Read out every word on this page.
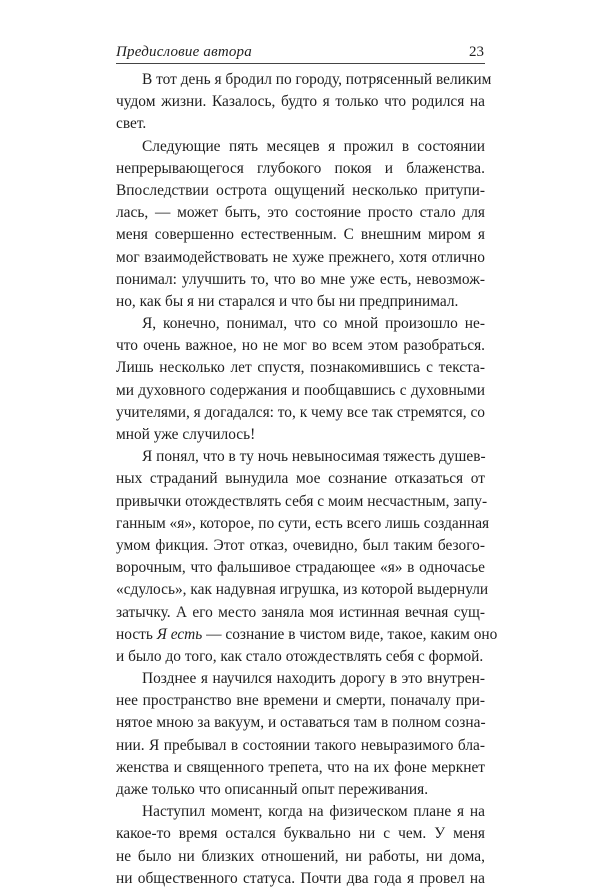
Предисловие автора	23
В тот день я бродил по городу, потрясенный великим
чудом жизни. Казалось, будто я только что родился на
свет.
Следующие пять месяцев я прожил в состоянии
непрерывающегося глубокого покоя и блаженства.
Впоследствии острота ощущений несколько притупи-
лась, — может быть, это состояние просто стало для
меня совершенно естественным. С внешним миром я
мог взаимодействовать не хуже прежнего, хотя отлично
понимал: улучшить то, что во мне уже есть, невозмож-
но, как бы я ни старался и что бы ни предпринимал.
Я, конечно, понимал, что со мной произошло не-
что очень важное, но не мог во всем этом разобраться.
Лишь несколько лет спустя, познакомившись с текста-
ми духовного содержания и пообщавшись с духовными
учителями, я догадался: то, к чему все так стремятся, со
мной уже случилось!
Я понял, что в ту ночь невыносимая тяжесть душев-
ных страданий вынудила мое сознание отказаться от
привычки отождествлять себя с моим несчастным, запу-
ганным «я», которое, по сути, есть всего лишь созданная
умом фикция. Этот отказ, очевидно, был таким безого-
ворочным, что фальшивое страдающее «я» в одночасье
«сдулось», как надувная игрушка, из которой выдернули
затычку. А его место заняла моя истинная вечная сущ-
ность Я есть — сознание в чистом виде, такое, каким оно
и было до того, как стало отождествлять себя с формой.
Позднее я научился находить дорогу в это внутрен-
нее пространство вне времени и смерти, поначалу при-
нятое мною за вакуум, и оставаться там в полном созна-
нии. Я пребывал в состоянии такого невыразимого бла-
женства и священного трепета, что на их фоне меркнет
даже только что описанный опыт переживания.
Наступил момент, когда на физическом плане я на
какое-то время остался буквально ни с чем. У меня
не было ни близких отношений, ни работы, ни дома,
ни общественного статуса. Почти два года я провел на
